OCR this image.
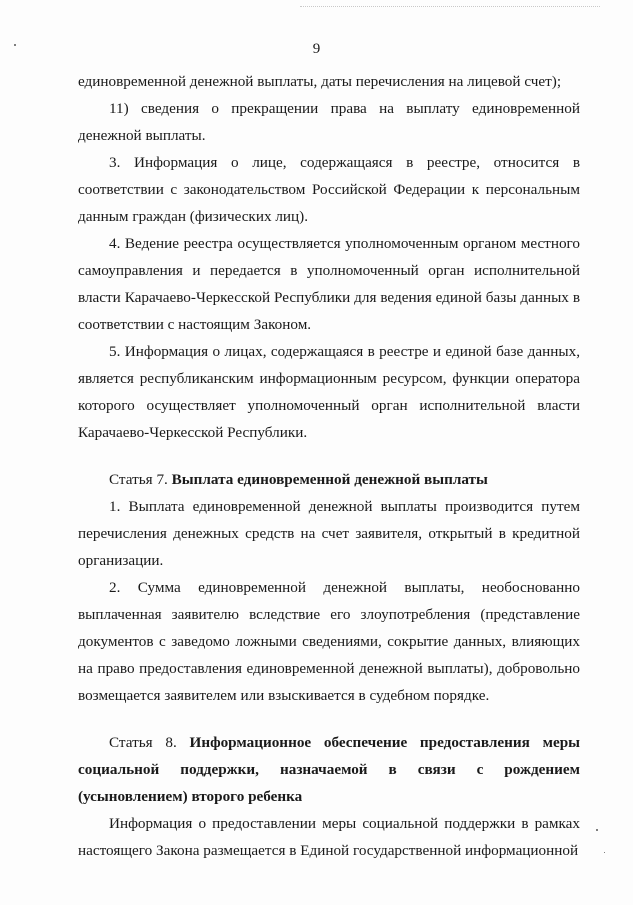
9

единовременной денежной выплаты, даты перечисления на лицевой счет);

11) сведения о прекращении права на выплату единовременной денежной выплаты.

3. Информация о лице, содержащаяся в реестре, относится в соответствии с законодательством Российской Федерации к персональным данным граждан (физических лиц).

4. Ведение реестра осуществляется уполномоченным органом местного самоуправления и передается в уполномоченный орган исполнительной власти Карачаево-Черкесской Республики для ведения единой базы данных в соответствии с настоящим Законом.

5. Информация о лицах, содержащаяся в реестре и единой базе данных, является республиканским информационным ресурсом, функции оператора которого осуществляет уполномоченный орган исполнительной власти Карачаево-Черкесской Республики.

Статья 7. Выплата единовременной денежной выплаты

1. Выплата единовременной денежной выплаты производится путем перечисления денежных средств на счет заявителя, открытый в кредитной организации.

2. Сумма единовременной денежной выплаты, необоснованно выплаченная заявителю вследствие его злоупотребления (представление документов с заведомо ложными сведениями, сокрытие данных, влияющих на право предоставления единовременной денежной выплаты), добровольно возмещается заявителем или взыскивается в судебном порядке.

Статья 8. Информационное обеспечение предоставления меры социальной поддержки, назначаемой в связи с рождением (усыновлением) второго ребенка

Информация о предоставлении меры социальной поддержки в рамках настоящего Закона размещается в Единой государственной информационной
